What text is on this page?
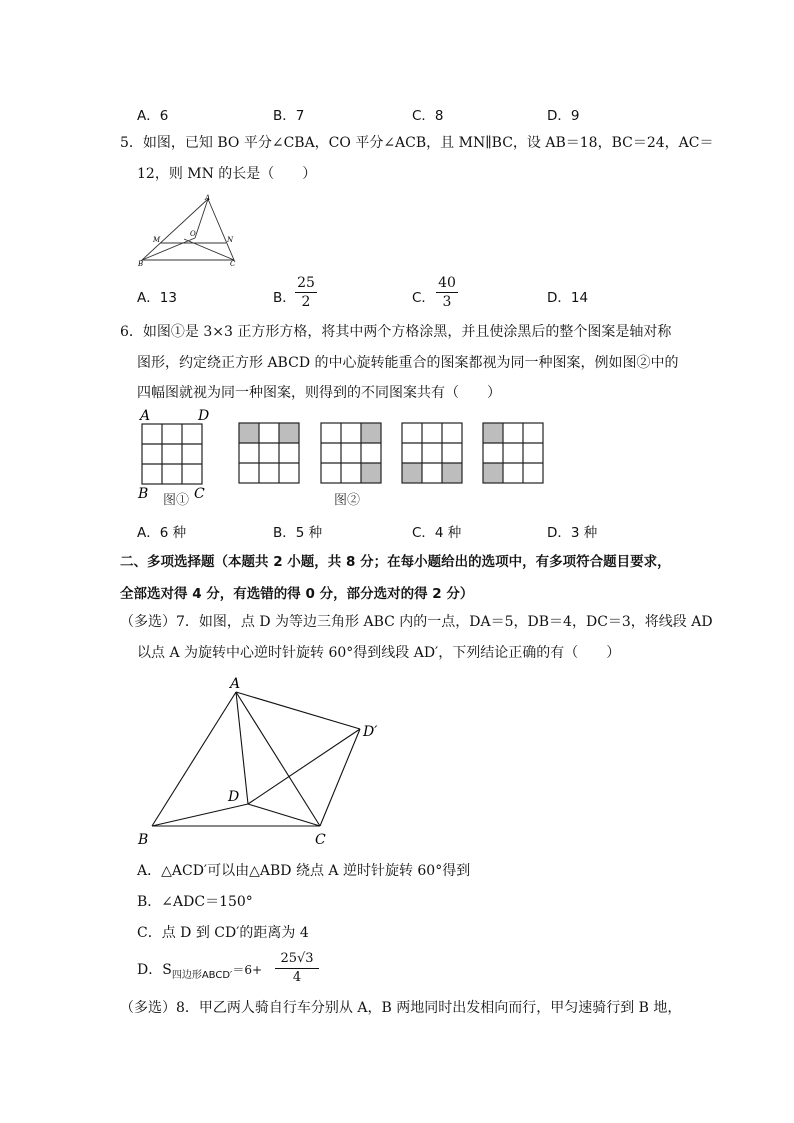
A．6	B．7	C．8	D．9
5．如图，已知 BO 平分∠CBA，CO 平分∠ACB，且 MN∥BC，设 AB＝18，BC＝24，AC＝
12，则 MN 的长是（　　）
A
M
O
N
B	C
A．13	B．
25
2	C．
40
3	D．14
6．如图①是 3×3 正方形方格，将其中两个方格涂黑，并且使涂黑后的整个图案是轴对称
图形，约定绕正方形 ABCD 的中心旋转能重合的图案都视为同一种图案，例如图②中的
四幅图就视为同一种图案，则得到的不同图案共有（　　）
A	D
B	C
图①	图②
A．6 种	B．5 种	C．4 种	D．3 种
二、多项选择题（本题共 2 小题，共 8 分；在每小题给出的选项中，有多项符合题目要求，
全部选对得 4 分，有选错的得 0 分，部分选对的得 2 分）
（多选）7．如图，点 D 为等边三角形 ABC 内的一点，DA＝5，DB＝4，DC＝3，将线段 AD
以点 A 为旋转中心逆时针旋转 60°得到线段 AD′，下列结论正确的有（　　）
A
D′
D
B	C
A．△ACD′可以由△ABD 绕点 A 逆时针旋转 60°得到
B．∠ADC＝150°
C．点 D 到 CD′的距离为 4
D．$S_{四边形ABCD'}=6+$
25√3
4
（多选）8．甲乙两人骑自行车分别从 A，B 两地同时出发相向而行，甲匀速骑行到 B 地，
